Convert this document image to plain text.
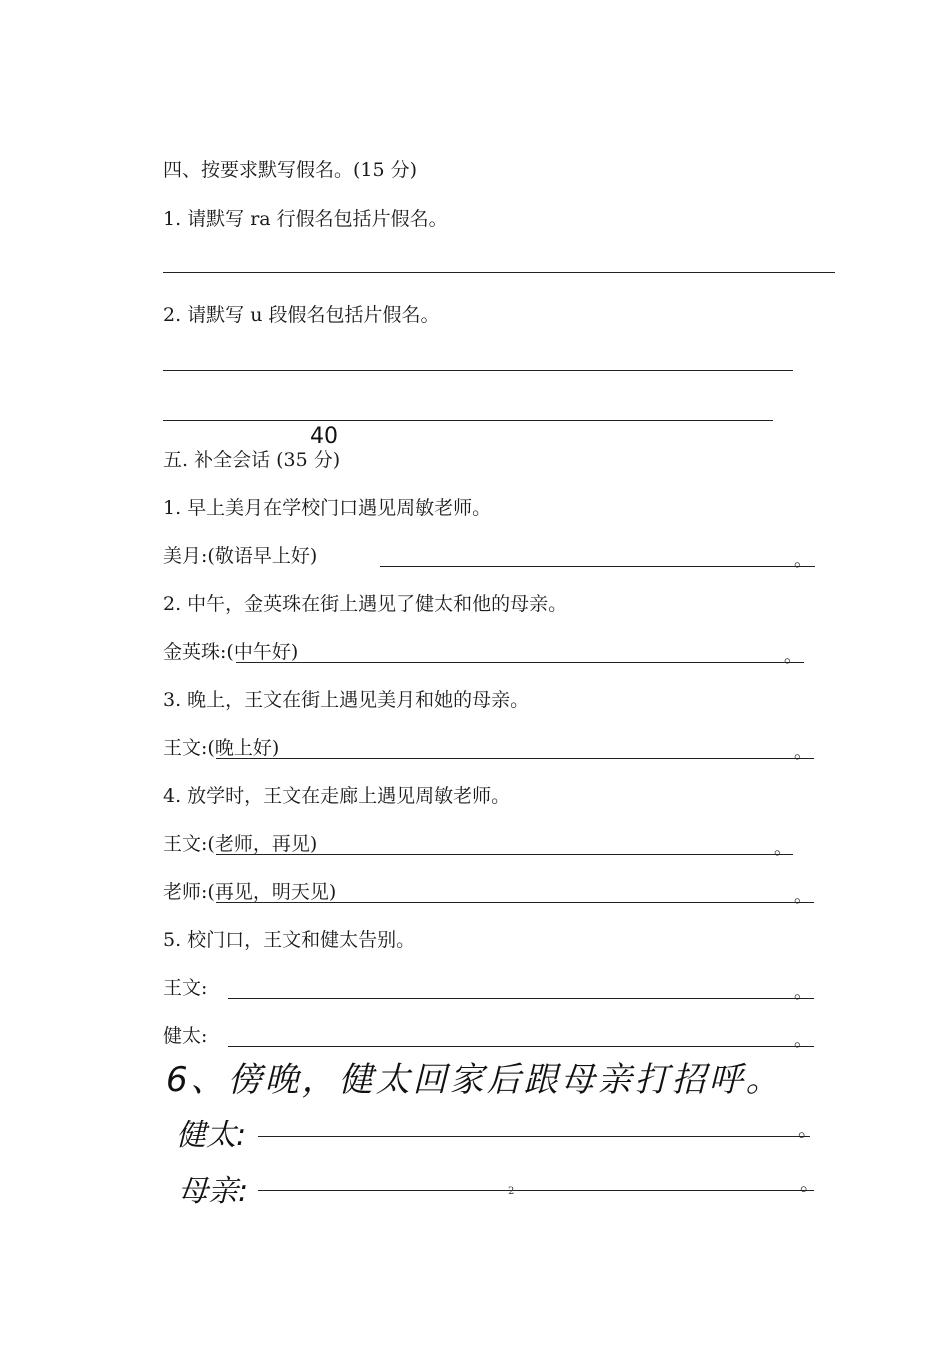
四、按要求默写假名。(15 分)
1. 请默写 ra 行假名包括片假名。
2. 请默写 u 段假名包括片假名。
五. 补全会话 (35 分)
40
1. 早上美月在学校门口遇见周敏老师。
美月:(敬语早上好)	。
2. 中午，金英珠在街上遇见了健太和他的母亲。
金英珠:(中午好)	。
3. 晚上，王文在街上遇见美月和她的母亲。
王文:(晚上好)	。
4. 放学时，王文在走廊上遇见周敏老师。
王文:(老师，再见)	。
老师:(再见，明天见)	。
5. 校门口，王文和健太告别。
王文:	。
健太:	。
6、傍晚，健太回家后跟母亲打招呼。
健太:	。
母亲:	。
2
